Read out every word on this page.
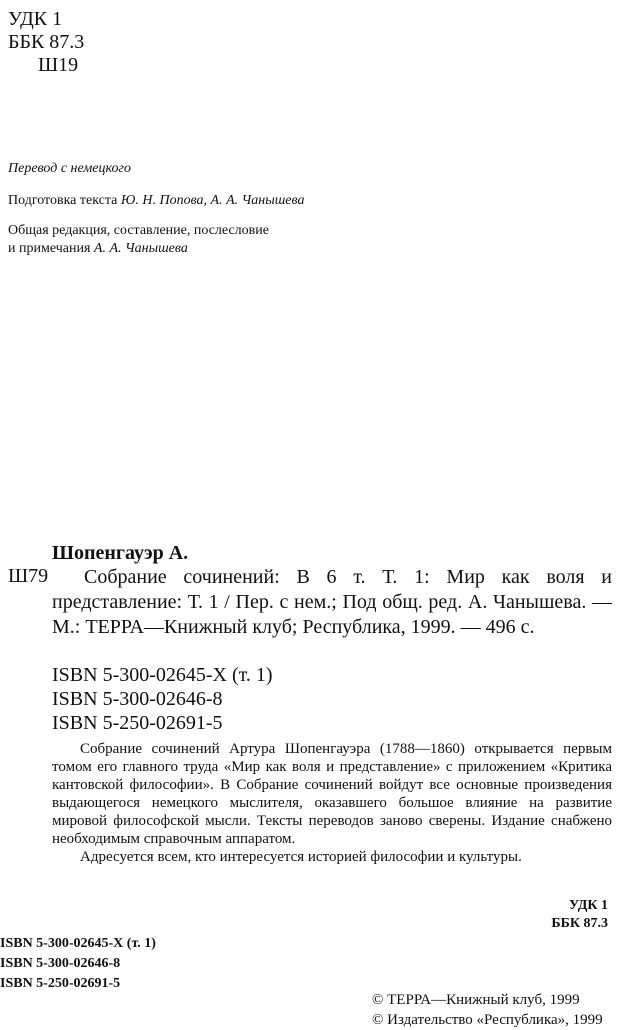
УДК 1
ББК 87.3
Ш19
Перевод с немецкого
Подготовка текста Ю. Н. Попова, А. А. Чанышева
Общая редакция, составление, послесловие
и примечания А. А. Чанышева
Шопенгауэр А.
Ш79	Собрание сочинений: В 6 т. Т. 1: Мир как воля и представление: Т. 1 / Пер. с нем.; Под общ. ред. А. Чанышева. — М.: ТЕРРА—Книжный клуб; Республика, 1999. — 496 с.

ISBN 5-300-02645-X (т. 1)
ISBN 5-300-02646-8
ISBN 5-250-02691-5

Собрание сочинений Артура Шопенгауэра (1788—1860) открывается первым томом его главного труда «Мир как воля и представление» с приложением «Критика кантовской философии». В Собрание сочинений войдут все основные произведения выдающегося немецкого мыслителя, оказавшего большое влияние на развитие мировой философской мысли. Тексты переводов заново сверены. Издание снабжено необходимым справочным аппаратом.

Адресуется всем, кто интересуется историей философии и культуры.

УДК 1
ББК 87.3
ISBN 5-300-02645-X (т. 1)
ISBN 5-300-02646-8
ISBN 5-250-02691-5
© ТЕРРА—Книжный клуб, 1999
© Издательство «Республика», 1999
